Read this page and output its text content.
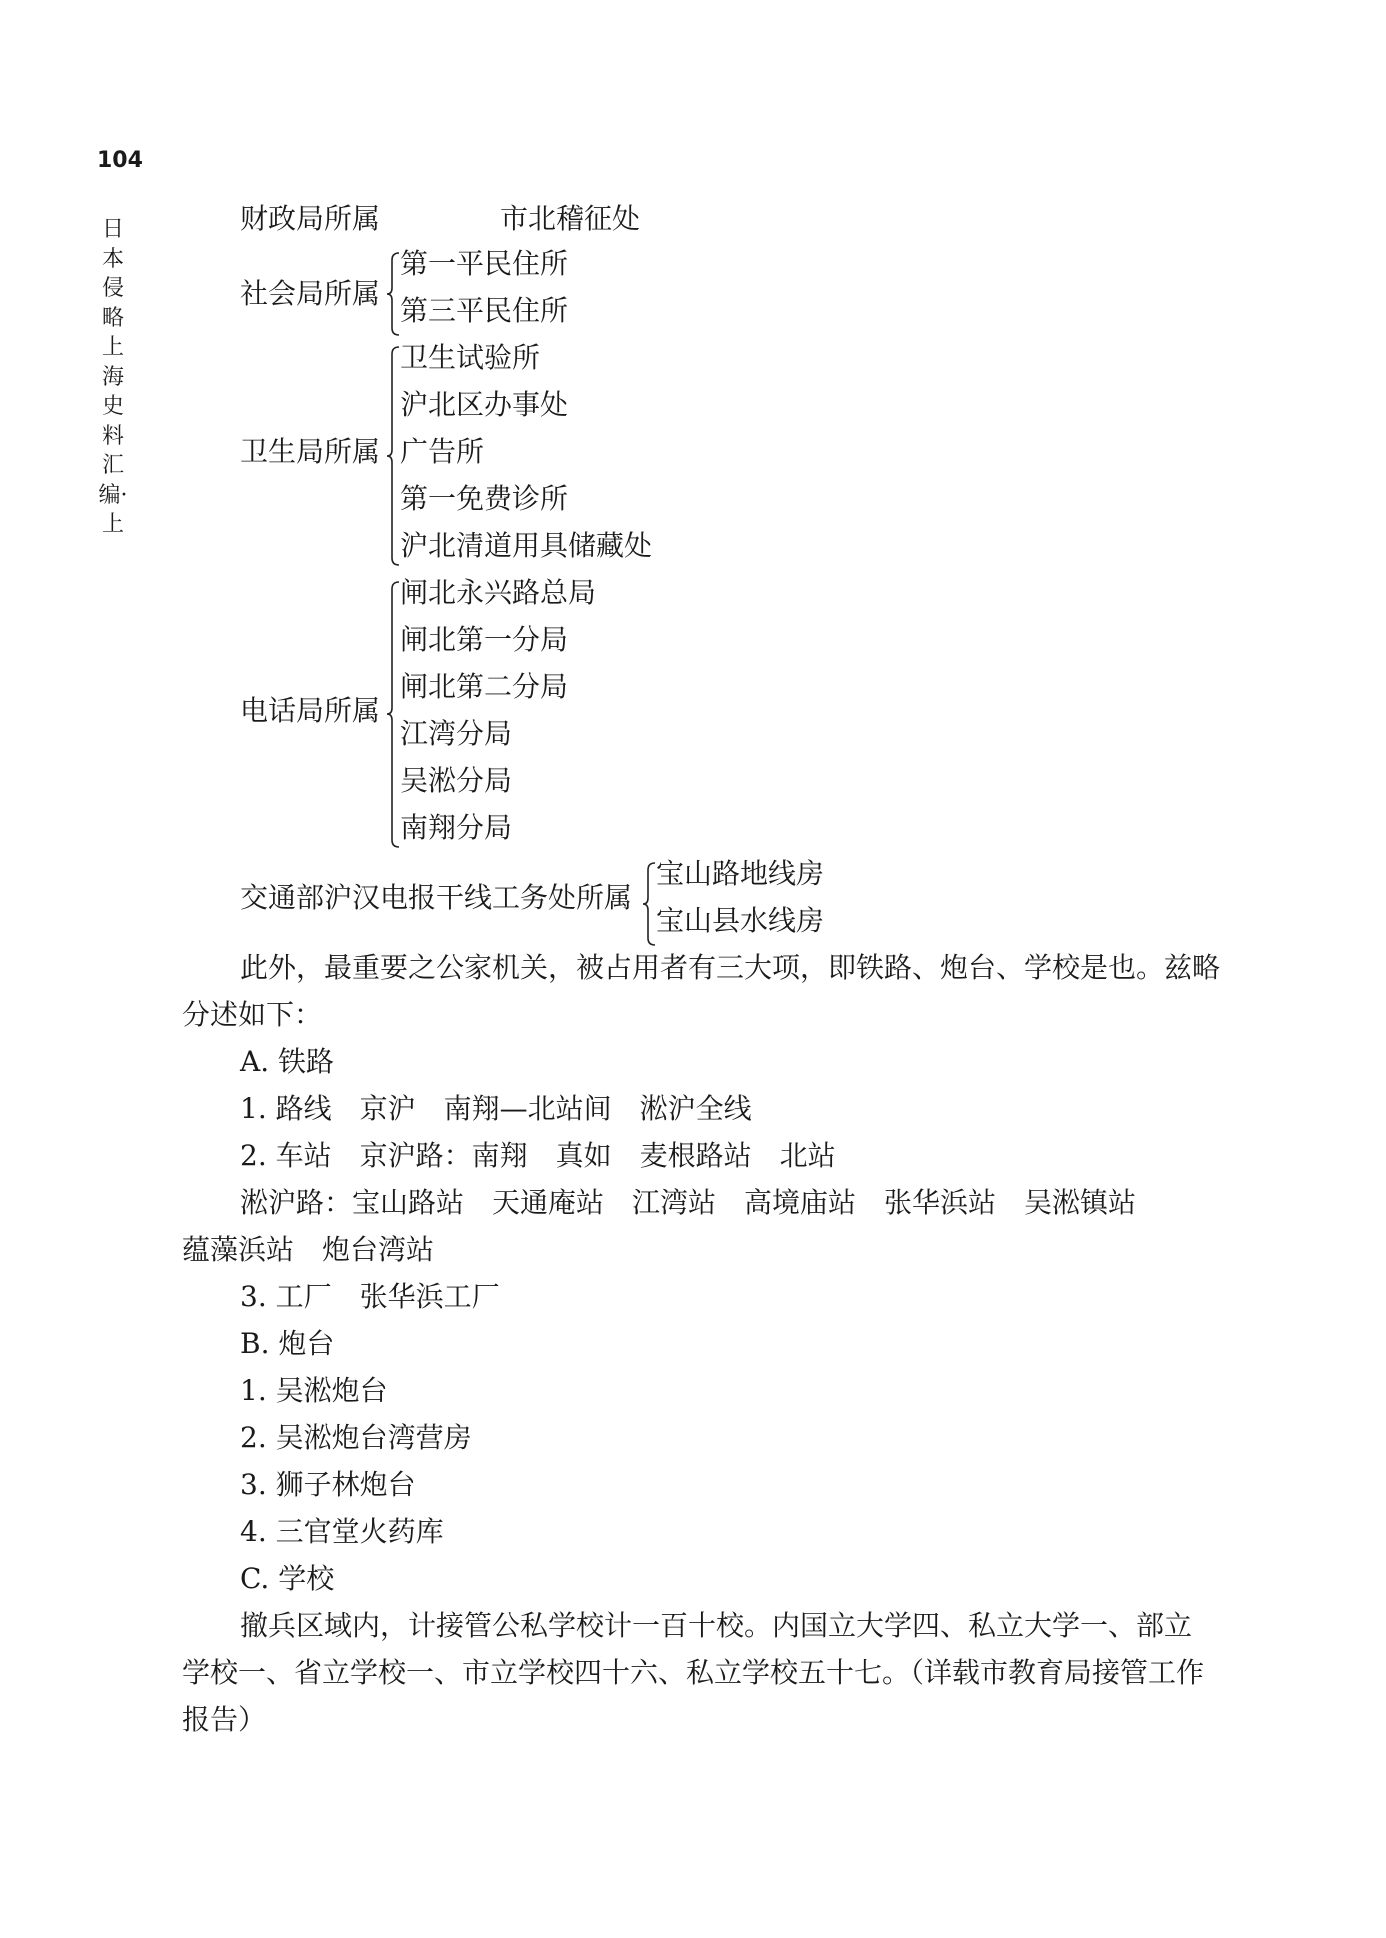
104
日本侵略上海史料汇编·上
财政局所属	市北稽征处
社会局所属
第一平民住所
第三平民住所
卫生局所属
卫生试验所
沪北区办事处
广告所
第一免费诊所
沪北清道用具储藏处
电话局所属
闸北永兴路总局
闸北第一分局
闸北第二分局
江湾分局
吴淞分局
南翔分局
交通部沪汉电报干线工务处所属
宝山路地线房
宝山县水线房
此外，最重要之公家机关，被占用者有三大项，即铁路、炮台、学校是也。兹略
分述如下：
A. 铁路
1. 路线　京沪　南翔—北站间　淞沪全线
2. 车站　京沪路：南翔　真如　麦根路站　北站
淞沪路：宝山路站　天通庵站　江湾站　高境庙站　张华浜站　吴淞镇站
蕴藻浜站　炮台湾站
3. 工厂　张华浜工厂
B. 炮台
1. 吴淞炮台
2. 吴淞炮台湾营房
3. 狮子林炮台
4. 三官堂火药库
C. 学校
撤兵区域内，计接管公私学校计一百十校。内国立大学四、私立大学一、部立
学校一、省立学校一、市立学校四十六、私立学校五十七。（详载市教育局接管工作
报告）
